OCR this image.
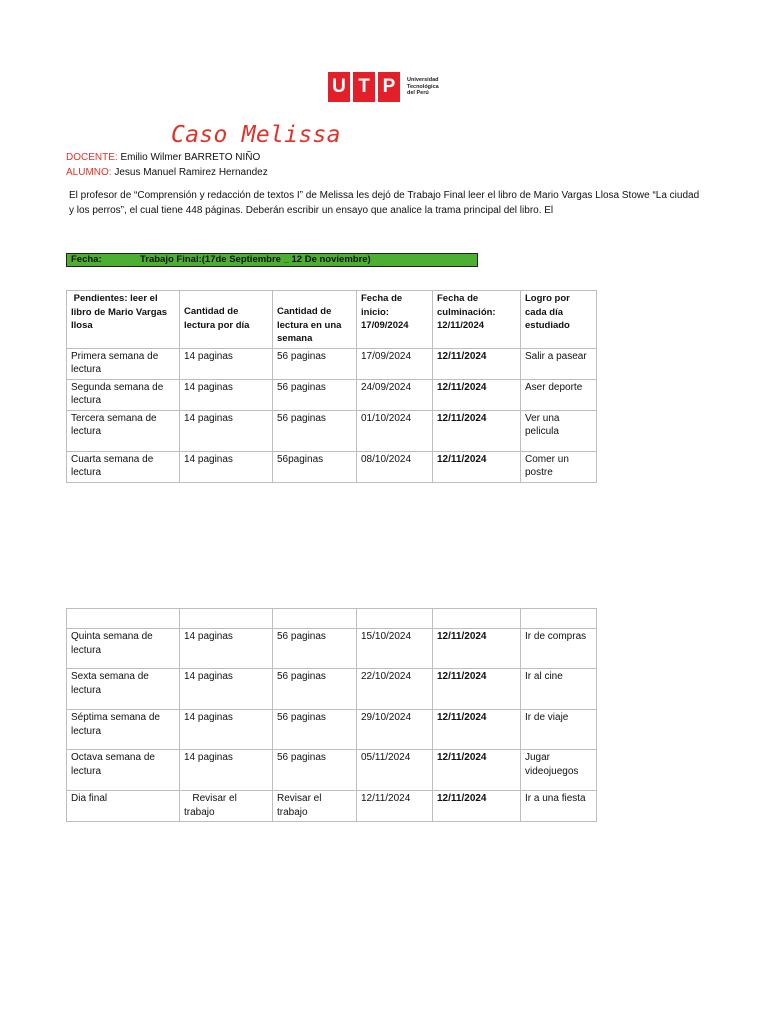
U T P	Universidad
Tecnológica
del Perú
Caso Melissa
DOCENTE: Emilio Wilmer BARRETO NIÑO
ALUMNO: Jesus Manuel Ramirez Hernandez
El profesor de “Comprensión y redacción de textos I” de Melissa les dejó de Trabajo Final leer el libro de Mario Vargas Llosa Stowe “La ciudad
y los perros”, el cual tiene 448 páginas. Deberán escribir un ensayo que analice la trama principal del libro. El
Fecha:	Trabajo Final:(17de Septiembre _ 12 De noviembre)
Pendientes: leer el libro de Mario Vargas llosa	Cantidad de lectura por día	Cantidad de lectura en una semana	Fecha de inicio: 17/09/2024	Fecha de culminación: 12/11/2024	Logro por cada día estudiado
Primera semana de lectura	14 paginas	56 paginas	17/09/2024	12/11/2024	Salir a pasear
Segunda semana de lectura	14 paginas	56 paginas	24/09/2024	12/11/2024	Aser deporte
Tercera semana de lectura	14 paginas	56 paginas	01/10/2024	12/11/2024	Ver una pelicula
Cuarta semana de lectura	14 paginas	56paginas	08/10/2024	12/11/2024	Comer un postre

Quinta semana de lectura	14 paginas	56 paginas	15/10/2024	12/11/2024	Ir de compras
Sexta semana de lectura	14 paginas	56 paginas	22/10/2024	12/11/2024	Ir al cine
Séptima semana de lectura	14 paginas	56 paginas	29/10/2024	12/11/2024	Ir de viaje
Octava semana de lectura	14 paginas	56 paginas	05/11/2024	12/11/2024	Jugar videojuegos
Dia final	Revisar el trabajo	Revisar el trabajo	12/11/2024	12/11/2024	Ir a una fiesta
